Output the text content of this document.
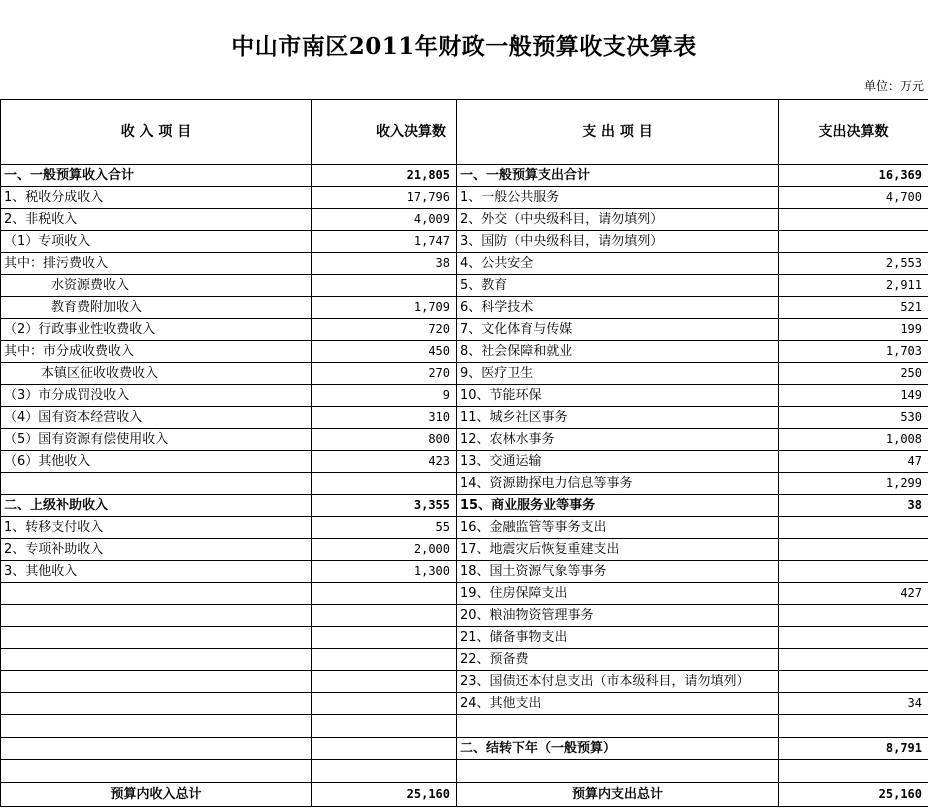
中山市南区2011年财政一般预算收支决算表
单位：万元
收 入 项 目	收入决算数	支 出 项 目	支出决算数
一、一般预算收入合计	21,805	一、一般预算支出合计	16,369
1、税收分成收入	17,796	1、一般公共服务	4,700
2、非税收入	4,009	2、外交（中央级科目，请勿填列）	
（1）专项收入	1,747	3、国防（中央级科目，请勿填列）	
其中：排污费收入	38	4、公共安全	2,553
水资源费收入		5、教育	2,911
教育费附加收入	1,709	6、科学技术	521
（2）行政事业性收费收入	720	7、文化体育与传媒	199
其中：市分成收费收入	450	8、社会保障和就业	1,703
本镇区征收收费收入	270	9、医疗卫生	250
（3）市分成罚没收入	9	10、节能环保	149
（4）国有资本经营收入	310	11、城乡社区事务	530
（5）国有资源有偿使用收入	800	12、农林水事务	1,008
（6）其他收入	423	13、交通运输	47
		14、资源勘探电力信息等事务	1,299
二、上级补助收入	3,355	15、商业服务业等事务	38
1、转移支付收入	55	16、金融监管等事务支出	
2、专项补助收入	2,000	17、地震灾后恢复重建支出	
3、其他收入	1,300	18、国土资源气象等事务	
		19、住房保障支出	427
		20、粮油物资管理事务	
		21、储备事物支出	
		22、预备费	
		23、国债还本付息支出（市本级科目，请勿填列）	
		24、其他支出	34

		二、结转下年（一般预算）	8,791

预算内收入总计	25,160	预算内支出总计	25,160
